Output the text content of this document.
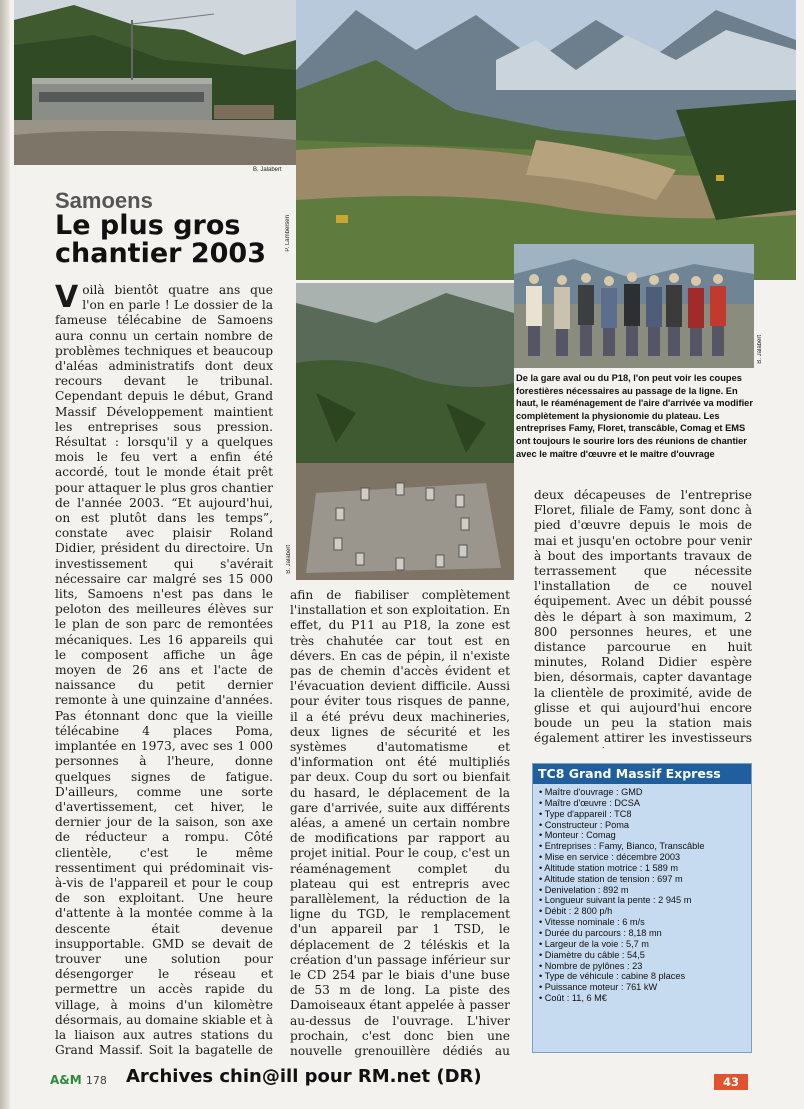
B. Jalabert
P. Lambersen
B. Jalabert
B. Jalabert
Samoens
Le plus gros
chantier 2003
V oilà bientôt quatre ans que l'on en parle ! Le dossier de la fameuse télécabine de Samoens aura connu un certain nombre de problèmes techniques et beaucoup d'aléas administratifs dont deux recours devant le tribunal. Cependant depuis le début, Grand Massif Développement maintient les entreprises sous pression. Résultat : lorsqu'il y a quelques mois le feu vert a enfin été accordé, tout le monde était prêt pour attaquer le plus gros chantier de l'année 2003. “Et aujourd'hui, on est plutôt dans les temps”, constate avec plaisir Roland Didier, président du directoire. Un investissement qui s'avérait nécessaire car malgré ses 15 000 lits, Samoens n'est pas dans le peloton des meilleures élèves sur le plan de son parc de remontées mécaniques. Les 16 appareils qui le composent affiche un âge moyen de 26 ans et l'acte de naissance du petit dernier remonte à une quinzaine d'années. Pas étonnant donc que la vieille télécabine 4 places Poma, implantée en 1973, avec ses 1 000 personnes à l'heure, donne quelques signes de fatigue. D'ailleurs, comme une sorte d'avertissement, cet hiver, le dernier jour de la saison, son axe de réducteur a rompu. Côté clientèle, c'est le même ressentiment qui prédominait vis-à-vis de l'appareil et pour le coup de son exploitant. Une heure d'attente à la montée comme à la descente était devenue insupportable. GMD se devait de trouver une solution pour désengorger le réseau et permettre un accès rapide du village, à moins d'un kilomètre désormais, au domaine skiable et à la liaison aux autres stations du Grand Massif. Soit la bagatelle de

afin de fiabiliser complètement l'installation et son exploitation. En effet, du P11 au P18, la zone est très chahutée car tout est en dévers. En cas de pépin, il n'existe pas de chemin d'accès évident et l'évacuation devient difficile. Aussi pour éviter tous risques de panne, il a été prévu deux machineries, deux lignes de sécurité et les systèmes d'automatisme et d'information ont été multipliés par deux. Coup du sort ou bienfait du hasard, le déplacement de la gare d'arrivée, suite aux différents aléas, a amené un certain nombre de modifications par rapport au projet initial. Pour le coup, c'est un réaménagement complet du plateau qui est entrepris avec parallèlement, la réduction de la ligne du TGD, le remplacement d'un appareil par 1 TSD, le déplacement de 2 téléskis et la création d'un passage inférieur sur le CD 254 par le biais d'une buse de 53 m de long. La piste des Damoiseaux étant appelée à passer au-dessus de l'ouvrage. L'hiver prochain, c'est donc bien une nouvelle grenouillère dédiés au

De la gare aval ou du P18, l'on peut voir les coupes forestières nécessaires au passage de la ligne. En haut, le réaménagement de l'aire d'arrivée va modifier complètement la physionomie du plateau. Les entreprises Famy, Floret, transcâble, Comag et EMS ont toujours le sourire lors des réunions de chantier avec le maître d'œuvre et le maître d'ouvrage
deux décapeuses de l'entreprise Floret, filiale de Famy, sont donc à pied d'œuvre depuis le mois de mai et jusqu'en octobre pour venir à bout des importants travaux de terrassement que nécessite l'installation de ce nouvel équipement. Avec un débit poussé dès le départ à son maximum, 2 800 personnes heures, et une distance parcourue en huit minutes, Roland Didier espère bien, désormais, capter davantage la clientèle de proximité, avide de glisse et qui aujourd'hui encore boude un peu la station mais également attirer les investisseurs
TC8 Grand Massif Express
• Maître d'ouvrage : GMD
• Maître d'œuvre : DCSA
• Type d'appareil : TC8
• Constructeur : Poma
• Monteur : Comag
• Entreprises : Famy, Bianco, Transcâble
• Mise en service : décembre 2003
• Altitude station motrice : 1 589 m
• Altitude station de tension : 697 m
• Denivelation : 892 m
• Longueur suivant la pente : 2 945 m
• Débit : 2 800 p/h
• Vitesse nominale : 6 m/s
• Durée du parcours : 8,18 mn
• Largeur de la voie : 5,7 m
• Diamètre du câble : 54,5
• Nombre de pylônes : 23
• Type de véhicule : cabine 8 places
• Puissance moteur : 761 kW
• Coût : 11, 6 M€
A&M 178 Archives chin@ill pour RM.net (DR)	43
